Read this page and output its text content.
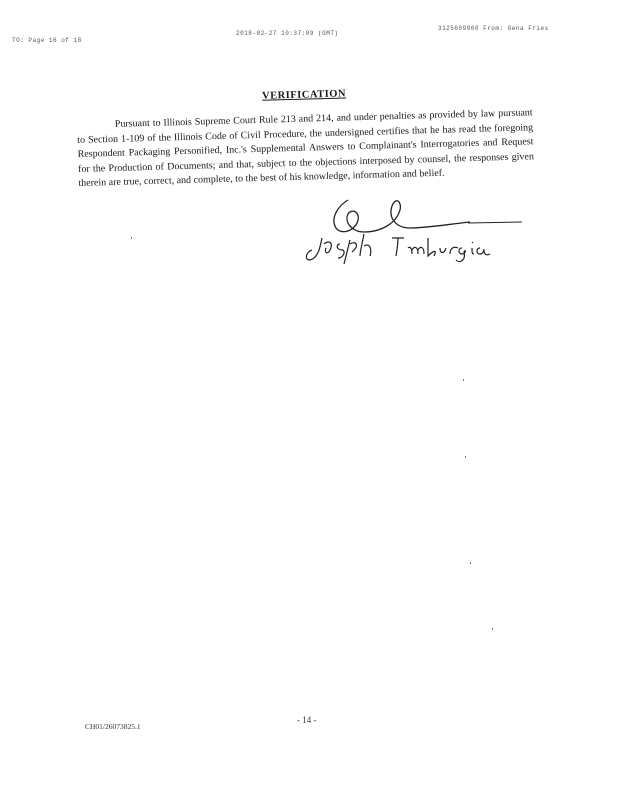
TO: Page 16 of 18
2018-02-27 10:37:09 (GMT)
3125609000 From: Gena Fries
VERIFICATION

Pursuant to Illinois Supreme Court Rule 213 and 214, and under penalties as provided by law pursuant to Section 1-109 of the Illinois Code of Civil Procedure, the undersigned certifies that he has read the foregoing Respondent Packaging Personified, Inc.'s Supplemental Answers to Complainant's Interrogatories and Request for the Production of Documents; and that, subject to the objections interposed by counsel, the responses given therein are true, correct, and complete, to the best of his knowledge, information and belief.

CH01/26073825.1
- 14 -
